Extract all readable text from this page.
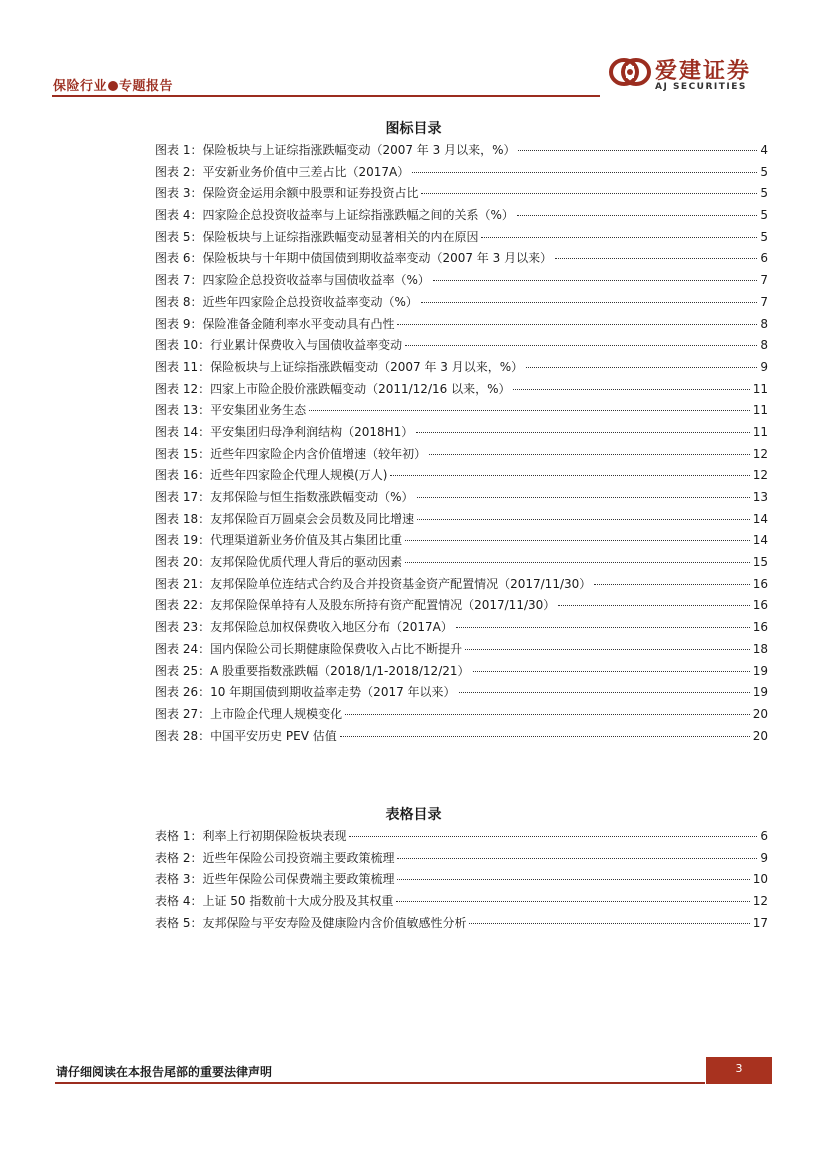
保险行业 专题报告
爱建证券
AJ SECURITIES
图标目录
图表 1： 保险板块与上证综指涨跌幅变动（2007 年 3 月以来，%）	4
图表 2： 平安新业务价值中三差占比（2017A）	5
图表 3： 保险资金运用余额中股票和证券投资占比	5
图表 4： 四家险企总投资收益率与上证综指涨跌幅之间的关系（%）	5
图表 5： 保险板块与上证综指涨跌幅变动显著相关的内在原因	5
图表 6： 保险板块与十年期中债国债到期收益率变动（2007 年 3 月以来）	6
图表 7： 四家险企总投资收益率与国债收益率（%）	7
图表 8： 近些年四家险企总投资收益率变动（%）	7
图表 9： 保险准备金随利率水平变动具有凸性	8
图表 10： 行业累计保费收入与国债收益率变动	8
图表 11： 保险板块与上证综指涨跌幅变动（2007 年 3 月以来，%）	9
图表 12： 四家上市险企股价涨跌幅变动（2011/12/16 以来，%）	11
图表 13： 平安集团业务生态	11
图表 14： 平安集团归母净利润结构（2018H1）	11
图表 15： 近些年四家险企内含价值增速（较年初）	12
图表 16： 近些年四家险企代理人规模(万人)	12
图表 17： 友邦保险与恒生指数涨跌幅变动（%）	13
图表 18： 友邦保险百万圆桌会会员数及同比增速	14
图表 19： 代理渠道新业务价值及其占集团比重	14
图表 20： 友邦保险优质代理人背后的驱动因素	15
图表 21： 友邦保险单位连结式合约及合并投资基金资产配置情况（2017/11/30）	16
图表 22： 友邦保险保单持有人及股东所持有资产配置情况（2017/11/30）	16
图表 23： 友邦保险总加权保费收入地区分布（2017A）	16
图表 24： 国内保险公司长期健康险保费收入占比不断提升	18
图表 25： A 股重要指数涨跌幅（2018/1/1-2018/12/21）	19
图表 26： 10 年期国债到期收益率走势（2017 年以来）	19
图表 27： 上市险企代理人规模变化	20
图表 28： 中国平安历史 PEV 估值	20
表格目录
表格 1： 利率上行初期保险板块表现	6
表格 2： 近些年保险公司投资端主要政策梳理	9
表格 3： 近些年保险公司保费端主要政策梳理	10
表格 4： 上证 50 指数前十大成分股及其权重	12
表格 5： 友邦保险与平安寿险及健康险内含价值敏感性分析	17
请仔细阅读在本报告尾部的重要法律声明	3
